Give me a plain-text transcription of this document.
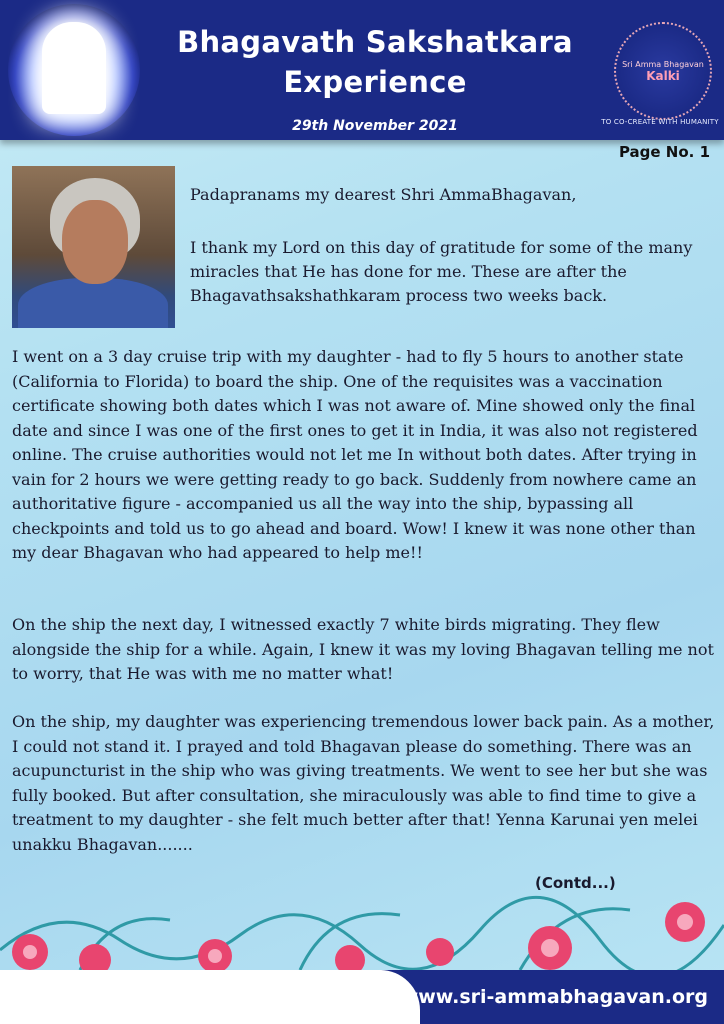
Bhagavath Sakshatkara
Experience
29th November 2021
Sri Amma Bhagavan
Kalki
TO CO-CREATE WITH HUMANITY
Page No. 1
Padapranams my dearest Shri AmmaBhagavan,
I thank my Lord on this day of gratitude for some of the many miracles that He has done for me. These are after the Bhagavathsakshathkaram process two weeks back.

I went on a 3 day cruise trip with my daughter - had to fly 5 hours to another state (California to Florida) to board the ship. One of the requisites was a vaccination certificate showing both dates which I was not aware of. Mine showed only the final date and since I was one of the first ones to get it in India, it was also not registered online. The cruise authorities would not let me In without both dates. After trying in vain for 2 hours we were getting ready to go back. Suddenly from nowhere came an authoritative figure - accompanied us all the way into the ship, bypassing all checkpoints and told us to go ahead and board. Wow! I knew it was none other than my dear Bhagavan who had appeared to help me!!

On the ship the next day, I witnessed exactly 7 white birds migrating. They flew alongside the ship for a while. Again, I knew it was my loving Bhagavan telling me not to worry, that He was with me no matter what!

On the ship, my daughter was experiencing tremendous lower back pain. As a mother, I could not stand it. I prayed and told Bhagavan please do something. There was an acupuncturist in the ship who was giving treatments. We went to see her but she was fully booked. But after consultation, she miraculously was able to find time to give a treatment to my daughter - she felt much better after that! Yenna Karunai yen melei unakku Bhagavan.......

(Contd...)
www.sri-ammabhagavan.org
